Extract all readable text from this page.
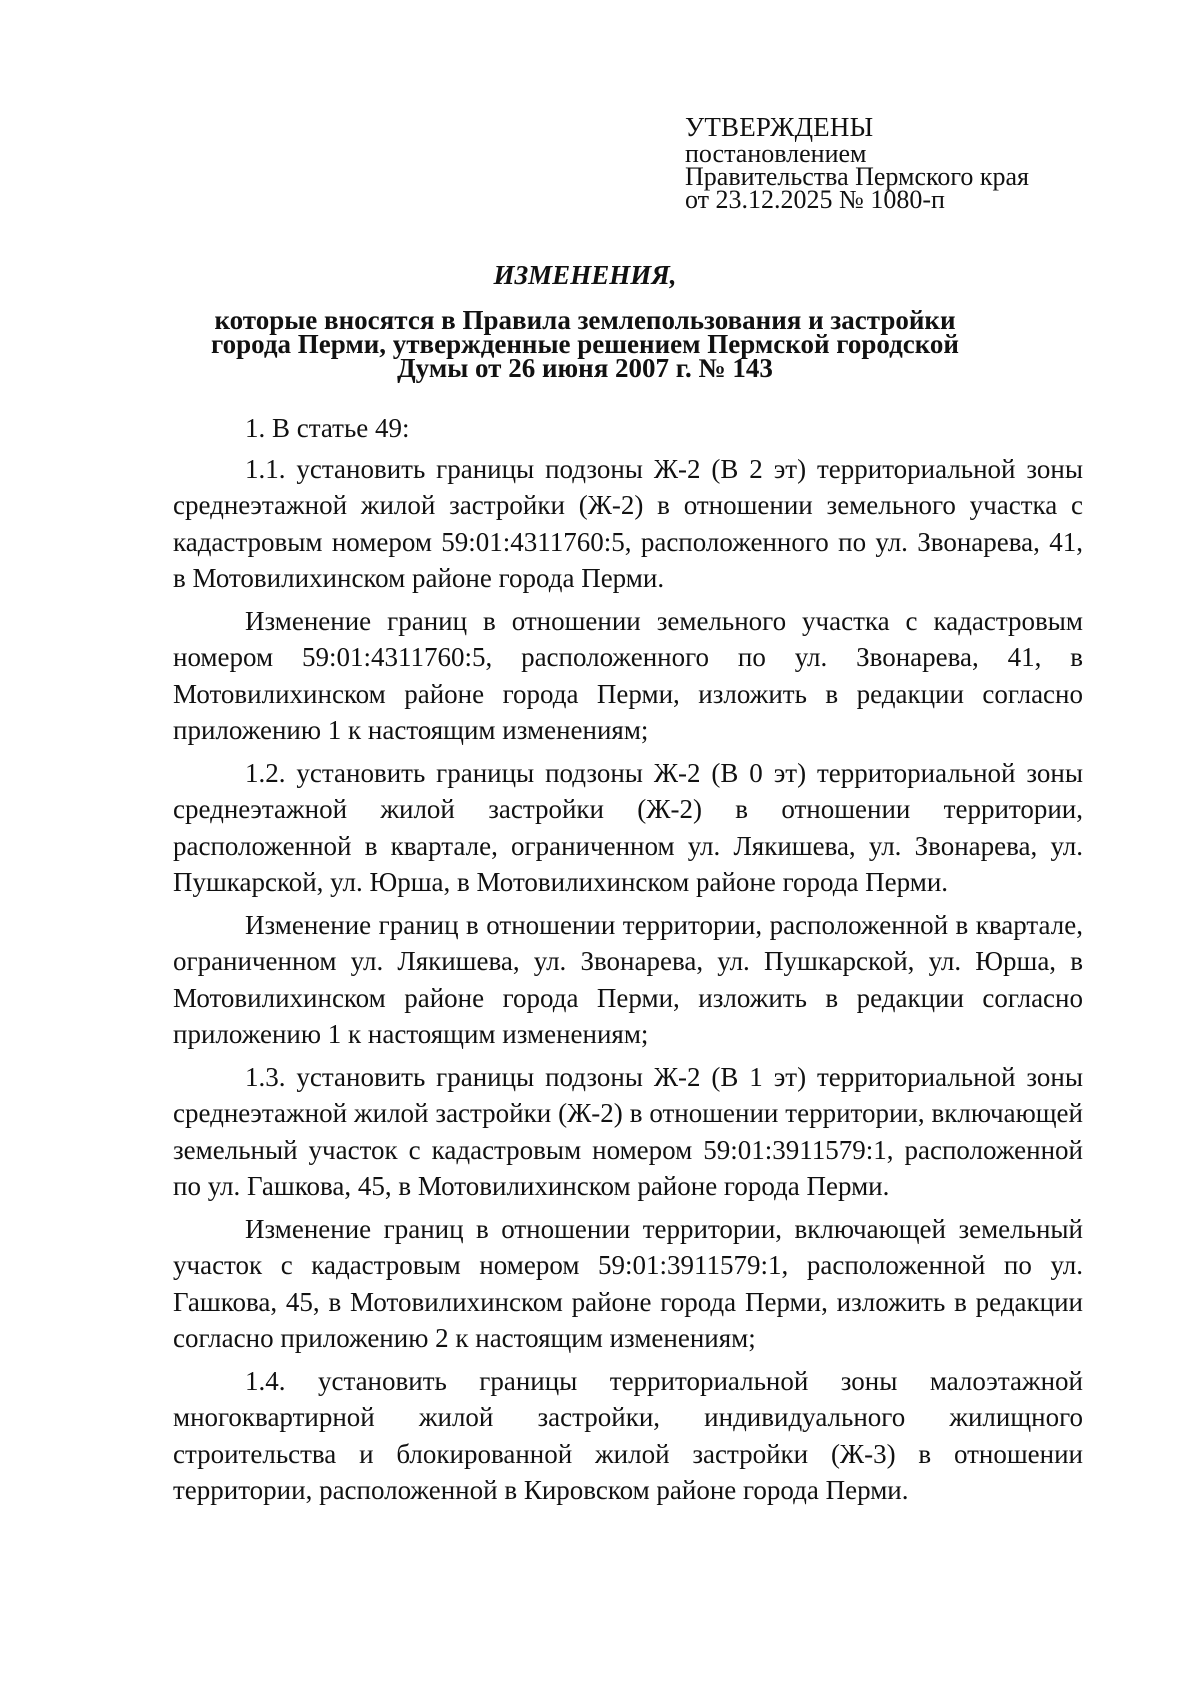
УТВЕРЖДЕНЫ
постановлением
Правительства Пермского края
от 23.12.2025 № 1080-п
ИЗМЕНЕНИЯ,
которые вносятся в Правила землепользования и застройки
города Перми, утвержденные решением Пермской городской
Думы от 26 июня 2007 г. № 143

1. В статье 49:

1.1. установить границы подзоны Ж-2 (В 2 эт) территориальной зоны среднеэтажной жилой застройки (Ж-2) в отношении земельного участка с кадастровым номером 59:01:4311760:5, расположенного по ул. Звонарева, 41, в Мотовилихинском районе города Перми.

Изменение границ в отношении земельного участка с кадастровым номером 59:01:4311760:5, расположенного по ул. Звонарева, 41, в Мотовилихинском районе города Перми, изложить в редакции согласно приложению 1 к настоящим изменениям;

1.2. установить границы подзоны Ж-2 (В 0 эт) территориальной зоны среднеэтажной жилой застройки (Ж-2) в отношении территории, расположенной в квартале, ограниченном ул. Лякишева, ул. Звонарева, ул. Пушкарской, ул. Юрша, в Мотовилихинском районе города Перми.

Изменение границ в отношении территории, расположенной в квартале, ограниченном ул. Лякишева, ул. Звонарева, ул. Пушкарской, ул. Юрша, в Мотовилихинском районе города Перми, изложить в редакции согласно приложению 1 к настоящим изменениям;

1.3. установить границы подзоны Ж-2 (В 1 эт) территориальной зоны среднеэтажной жилой застройки (Ж-2) в отношении территории, включающей земельный участок с кадастровым номером 59:01:3911579:1, расположенной по ул. Гашкова, 45, в Мотовилихинском районе города Перми.

Изменение границ в отношении территории, включающей земельный участок с кадастровым номером 59:01:3911579:1, расположенной по ул. Гашкова, 45, в Мотовилихинском районе города Перми, изложить в редакции согласно приложению 2 к настоящим изменениям;

1.4. установить границы территориальной зоны малоэтажной многоквартирной жилой застройки, индивидуального жилищного строительства и блокированной жилой застройки (Ж-3) в отношении территории, расположенной в Кировском районе города Перми.
